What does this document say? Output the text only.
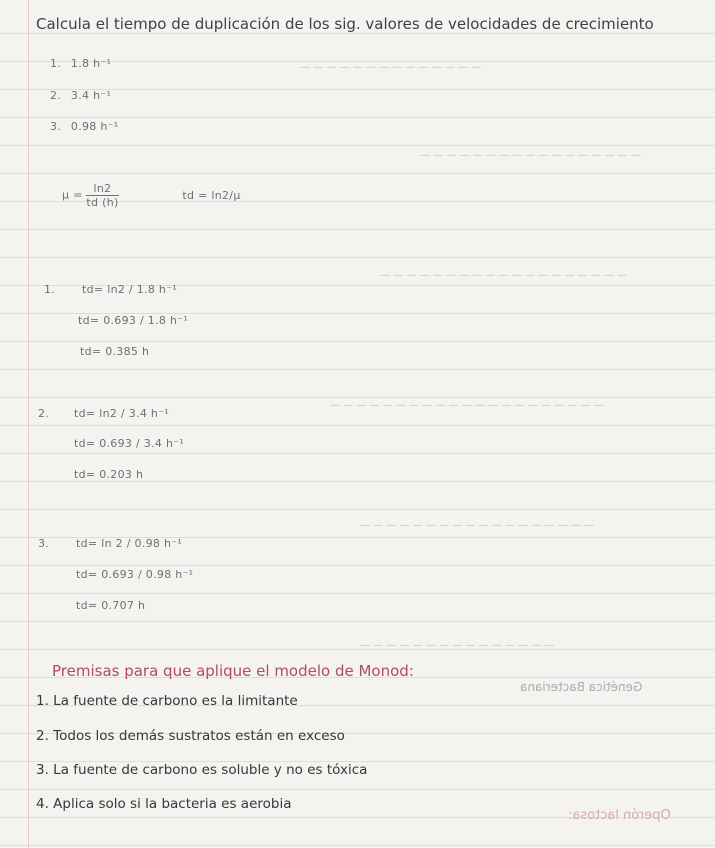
— — — — — — — — — — — — — —
— — — — — — — — — — — — — — — — —
— — — — — — — — — — — — — — — — — — —
— — — — — — — — — — — — — — — — — — — — —
— — — — — — — — — — — — — — — — — —
— — — — — — — — — — — — — — —
Genética Bacteriana
Operón lactosa:
Calcula el tiempo de duplicación de los sig. valores de velocidades de crecimiento
1. 1.8 h⁻¹
2. 3.4 h⁻¹
3. 0.98 h⁻¹
$\mu = \frac{\ln 2}{td (h)}$	td = ln2/μ
1. td= ln2 / 1.8 h⁻¹
td= 0.693 / 1.8 h⁻¹
td= 0.385 h
2. td= ln2 / 3.4 h⁻¹
td= 0.693 / 3.4 h⁻¹
td= 0.203 h
3. td= ln 2 / 0.98 h⁻¹
td= 0.693 / 0.98 h⁻¹
td= 0.707 h
Premisas para que aplique el modelo de Monod:
1. La fuente de carbono es la limitante
2. Todos los demás sustratos están en exceso
3. La fuente de carbono es soluble y no es tóxica
4. Aplica solo si la bacteria es aerobia
